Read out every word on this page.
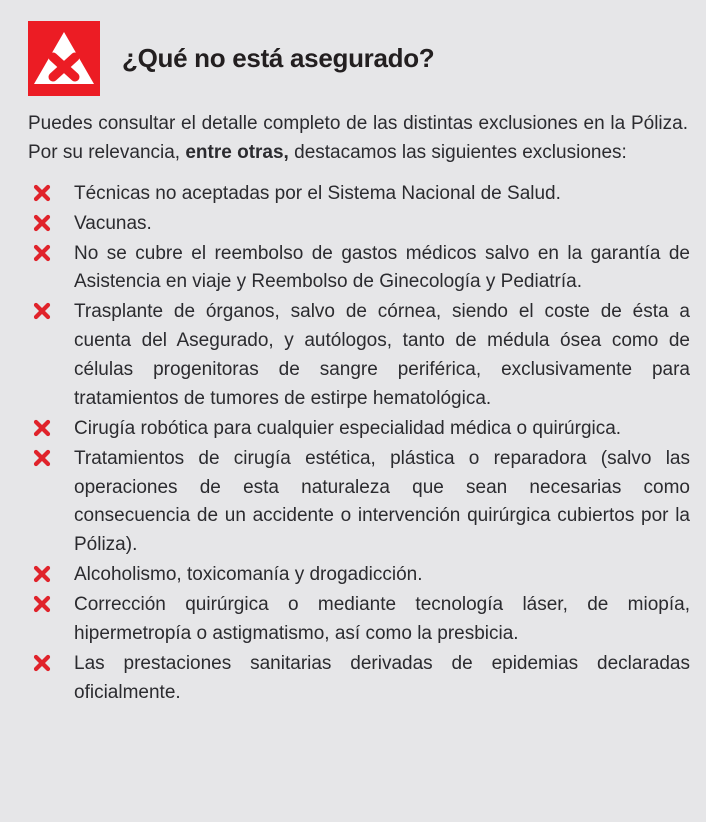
¿Qué no está asegurado?

Puedes consultar el detalle completo de las distintas exclusiones en la Póliza. Por su relevancia, entre otras, destacamos las siguientes exclusiones:

Técnicas no aceptadas por el Sistema Nacional de Salud.
Vacunas.
No se cubre el reembolso de gastos médicos salvo en la garantía de Asistencia en viaje y Reembolso de Ginecología y Pediatría.
Trasplante de órganos, salvo de córnea, siendo el coste de ésta a cuenta del Asegurado, y autólogos, tanto de médula ósea como de células progenitoras de sangre periférica, exclusivamente para tratamientos de tumores de estirpe hematológica.
Cirugía robótica para cualquier especialidad médica o quirúrgica.
Tratamientos de cirugía estética, plástica o reparadora (salvo las operaciones de esta naturaleza que sean necesarias como consecuencia de un accidente o intervención quirúrgica cubiertos por la Póliza).
Alcoholismo, toxicomanía y drogadicción.
Corrección quirúrgica o mediante tecnología láser, de miopía, hipermetropía o astigmatismo, así como la presbicia.
Las prestaciones sanitarias derivadas de epidemias declaradas oficialmente.
